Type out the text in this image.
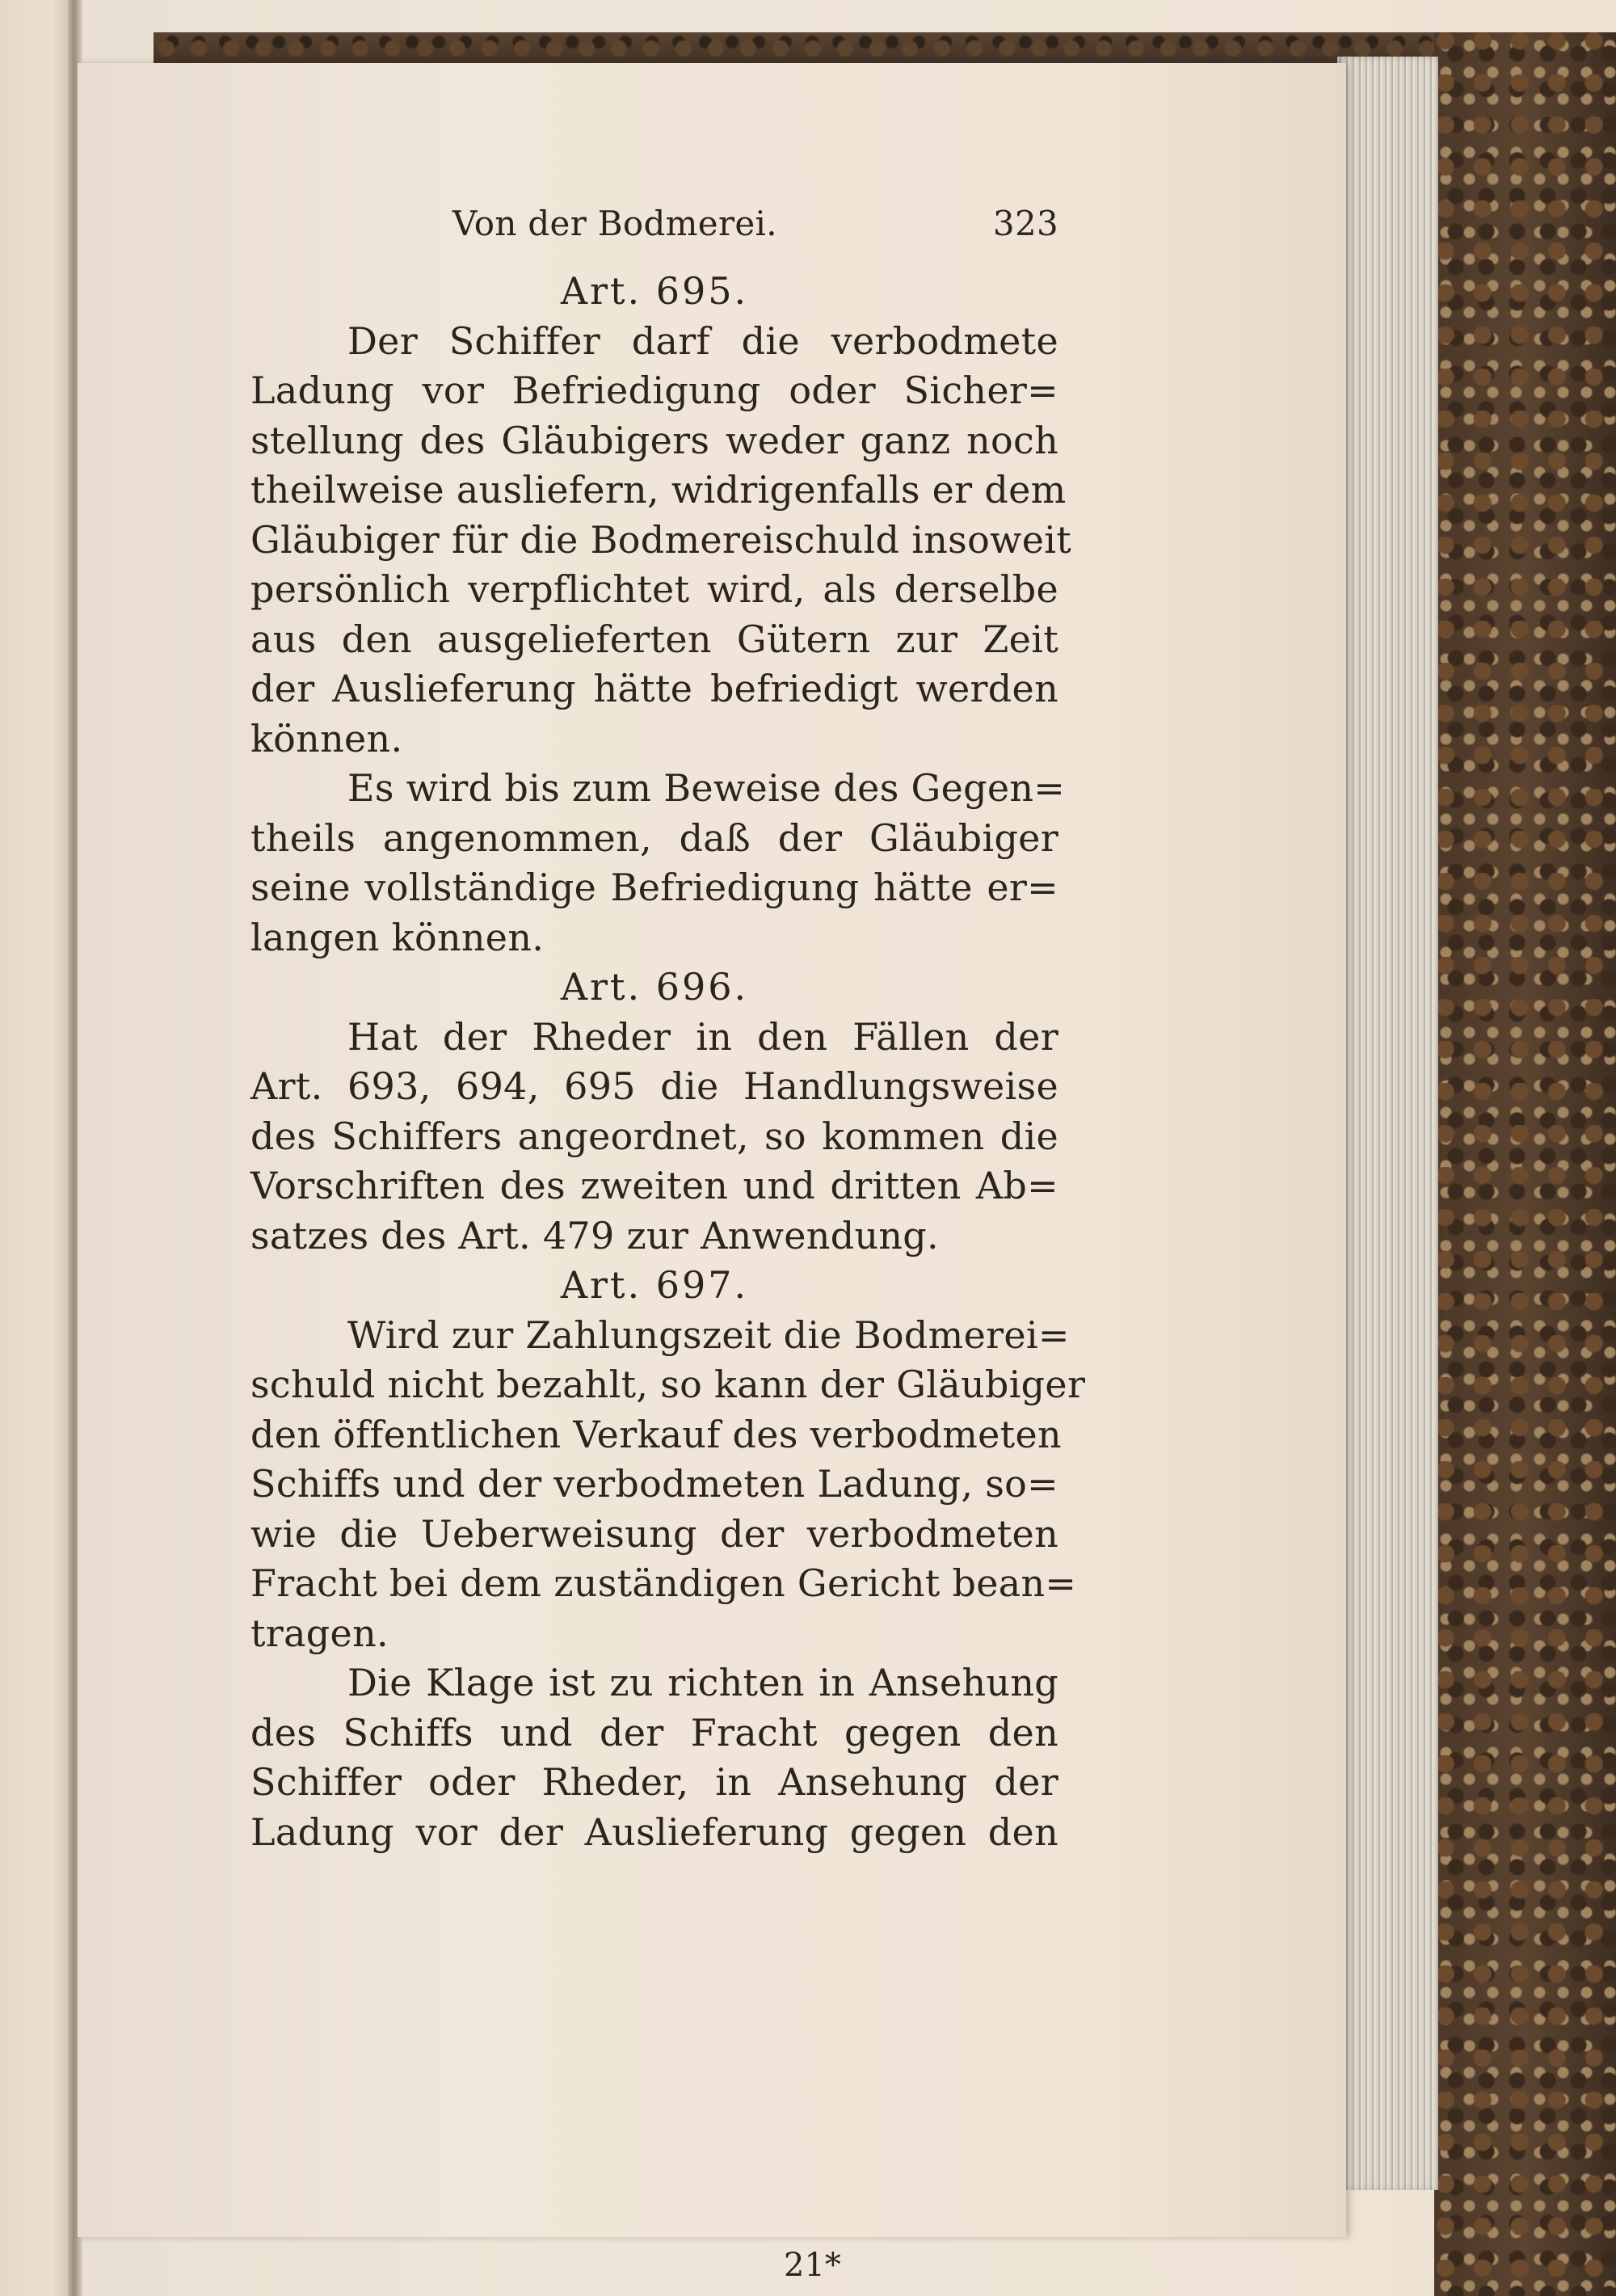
Von der Bodmerei.	323
Art. 695.
Der Schiffer darf die verbodmete
Ladung vor Befriedigung oder Sicher=
stellung des Gläubigers weder ganz noch
theilweise ausliefern, widrigenfalls er dem
Gläubiger für die Bodmereischuld insoweit
persönlich verpflichtet wird, als derselbe
aus den ausgelieferten Gütern zur Zeit
der Auslieferung hätte befriedigt werden
können.
Es wird bis zum Beweise des Gegen=
theils angenommen, daß der Gläubiger
seine vollständige Befriedigung hätte er=
langen können.
Art. 696.
Hat der Rheder in den Fällen der
Art. 693, 694, 695 die Handlungsweise
des Schiffers angeordnet, so kommen die
Vorschriften des zweiten und dritten Ab=
satzes des Art. 479 zur Anwendung.
Art. 697.
Wird zur Zahlungszeit die Bodmerei=
schuld nicht bezahlt, so kann der Gläubiger
den öffentlichen Verkauf des verbodmeten
Schiffs und der verbodmeten Ladung, so=
wie die Ueberweisung der verbodmeten
Fracht bei dem zuständigen Gericht bean=
tragen.
Die Klage ist zu richten in Ansehung
des Schiffs und der Fracht gegen den
Schiffer oder Rheder, in Ansehung der
Ladung vor der Auslieferung gegen den
21*
